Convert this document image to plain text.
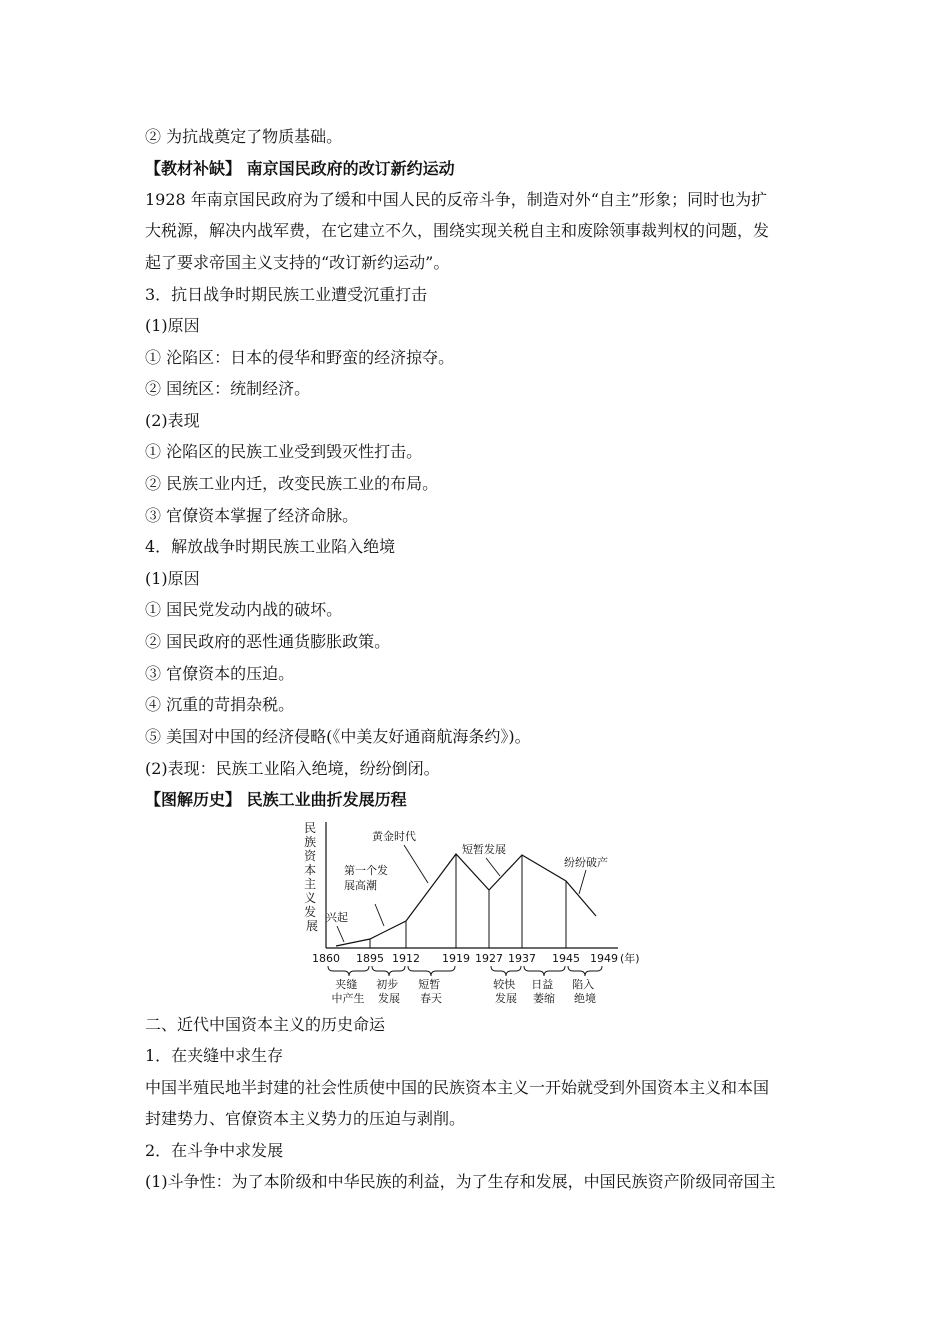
② 为抗战奠定了物质基础。
【教材补缺】 南京国民政府的改订新约运动
1928 年南京国民政府为了缓和中国人民的反帝斗争，制造对外“自主”形象；同时也为扩
大税源，解决内战军费，在它建立不久，围绕实现关税自主和废除领事裁判权的问题，发
起了要求帝国主义支持的“改订新约运动”。
3．抗日战争时期民族工业遭受沉重打击
(1)原因
① 沦陷区：日本的侵华和野蛮的经济掠夺。
② 国统区：统制经济。
(2)表现
① 沦陷区的民族工业受到毁灭性打击。
② 民族工业内迁，改变民族工业的布局。
③ 官僚资本掌握了经济命脉。
4．解放战争时期民族工业陷入绝境
(1)原因
① 国民党发动内战的破坏。
② 国民政府的恶性通货膨胀政策。
③ 官僚资本的压迫。
④ 沉重的苛捐杂税。
⑤ 美国对中国的经济侵略(《中美友好通商航海条约》)。
(2)表现：民族工业陷入绝境，纷纷倒闭。
【图解历史】 民族工业曲折发展历程
民 族 资 本 主 义 发 展
兴起
第一个发 展高潮
黄金时代
短暂发展
纷纷破产
1860 1895 1912 1919 1927 1937 1945 1949 (年)
夹缝 中产生
初步 发展
短暂 春天
较快 发展
日益 萎缩
陷入 绝境
二、近代中国资本主义的历史命运
1．在夹缝中求生存
中国半殖民地半封建的社会性质使中国的民族资本主义一开始就受到外国资本主义和本国
封建势力、官僚资本主义势力的压迫与剥削。
2．在斗争中求发展
(1)斗争性：为了本阶级和中华民族的利益，为了生存和发展，中国民族资产阶级同帝国主
